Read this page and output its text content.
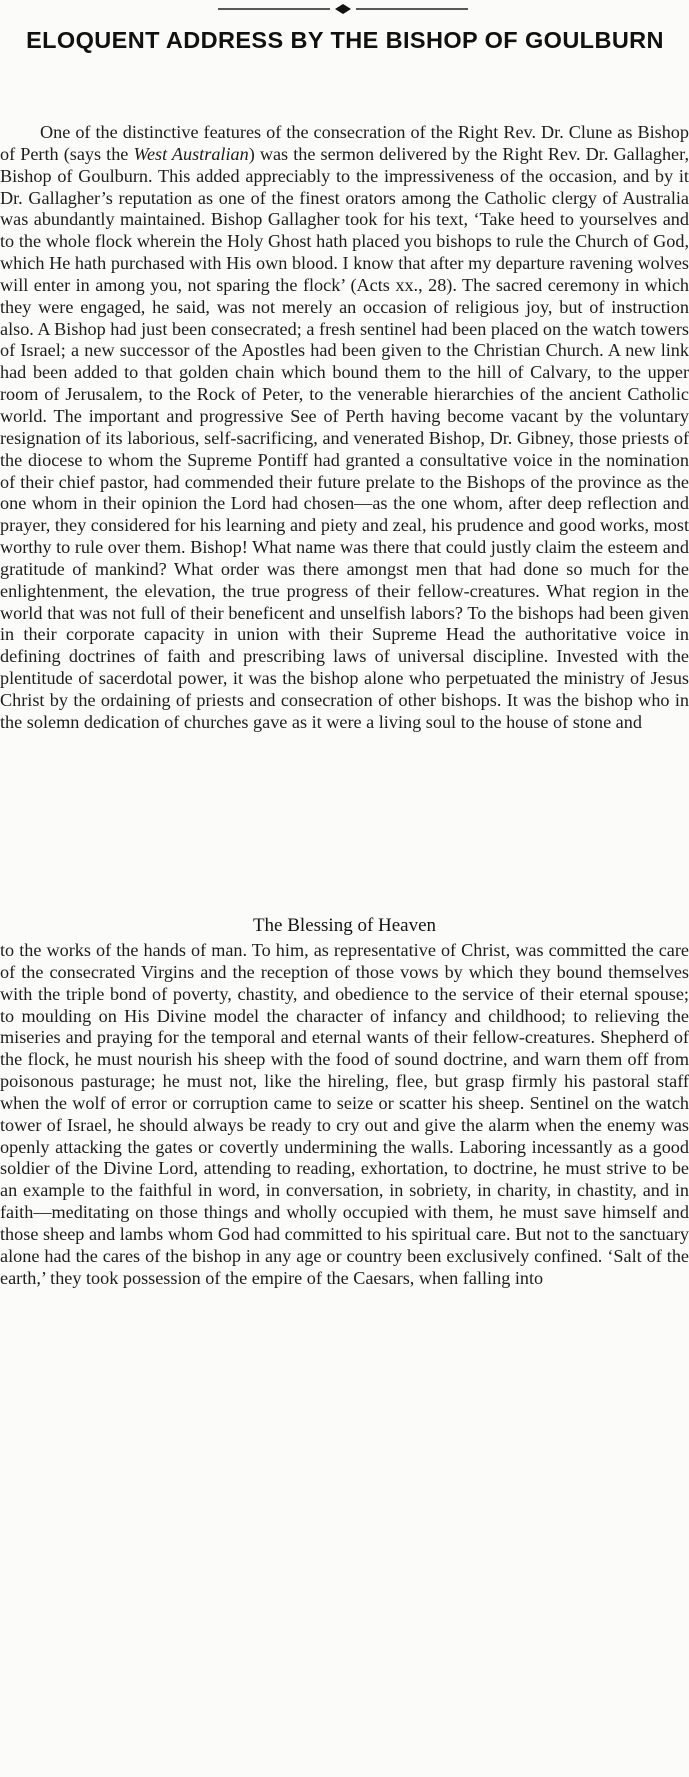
ELOQUENT ADDRESS BY THE BISHOP OF GOULBURN

One of the distinctive features of the consecration of the Right Rev. Dr. Clune as Bishop of Perth (says the West Australian) was the sermon delivered by the Right Rev. Dr. Gallagher, Bishop of Goulburn. This added appreciably to the impressiveness of the occasion, and by it Dr. Gallagher’s reputation as one of the finest orators among the Catholic clergy of Australia was abundantly maintained. Bishop Gallagher took for his text, ‘Take heed to yourselves and to the whole flock wherein the Holy Ghost hath placed you bishops to rule the Church of God, which He hath purchased with His own blood. I know that after my departure ravening wolves will enter in among you, not sparing the flock’ (Acts xx., 28). The sacred ceremony in which they were engaged, he said, was not merely an occasion of religious joy, but of instruction also. A Bishop had just been consecrated; a fresh sentinel had been placed on the watch towers of Israel; a new successor of the Apostles had been given to the Christian Church. A new link had been added to that golden chain which bound them to the hill of Calvary, to the upper room of Jerusalem, to the Rock of Peter, to the venerable hierarchies of the ancient Catholic world. The important and progressive See of Perth having become vacant by the voluntary resignation of its laborious, self-sacrificing, and venerated Bishop, Dr. Gibney, those priests of the diocese to whom the Supreme Pontiff had granted a consultative voice in the nomination of their chief pastor, had commended their future prelate to the Bishops of the province as the one whom in their opinion the Lord had chosen—as the one whom, after deep reflection and prayer, they considered for his learning and piety and zeal, his prudence and good works, most worthy to rule over them. Bishop! What name was there that could justly claim the esteem and gratitude of mankind? What order was there amongst men that had done so much for the enlightenment, the elevation, the true progress of their fellow-creatures. What region in the world that was not full of their beneficent and unselfish labors? To the bishops had been given in their corporate capacity in union with their Supreme Head the authoritative voice in defining doctrines of faith and prescribing laws of universal discipline. Invested with the plentitude of sacerdotal power, it was the bishop alone who perpetuated the ministry of Jesus Christ by the ordaining of priests and consecration of other bishops. It was the bishop who in the solemn dedication of churches gave as it were a living soul to the house of stone and

The Blessing of Heaven

to the works of the hands of man. To him, as representative of Christ, was committed the care of the consecrated Virgins and the reception of those vows by which they bound themselves with the triple bond of poverty, chastity, and obedience to the service of their eternal spouse; to moulding on His Divine model the character of infancy and childhood; to relieving the miseries and praying for the temporal and eternal wants of their fellow-creatures. Shepherd of the flock, he must nourish his sheep with the food of sound doctrine, and warn them off from poisonous pasturage; he must not, like the hireling, flee, but grasp firmly his pastoral staff when the wolf of error or corruption came to seize or scatter his sheep. Sentinel on the watch tower of Israel, he should always be ready to cry out and give the alarm when the enemy was openly attacking the gates or covertly undermining the walls. Laboring incessantly as a good soldier of the Divine Lord, attending to reading, exhortation, to doctrine, he must strive to be an example to the faithful in word, in conversation, in sobriety, in charity, in chastity, and in faith—meditating on those things and wholly occupied with them, he must save himself and those sheep and lambs whom God had committed to his spiritual care. But not to the sanctuary alone had the cares of the bishop in any age or country been exclusively confined. ‘Salt of the earth,’ they took possession of the empire of the Caesars, when falling into
